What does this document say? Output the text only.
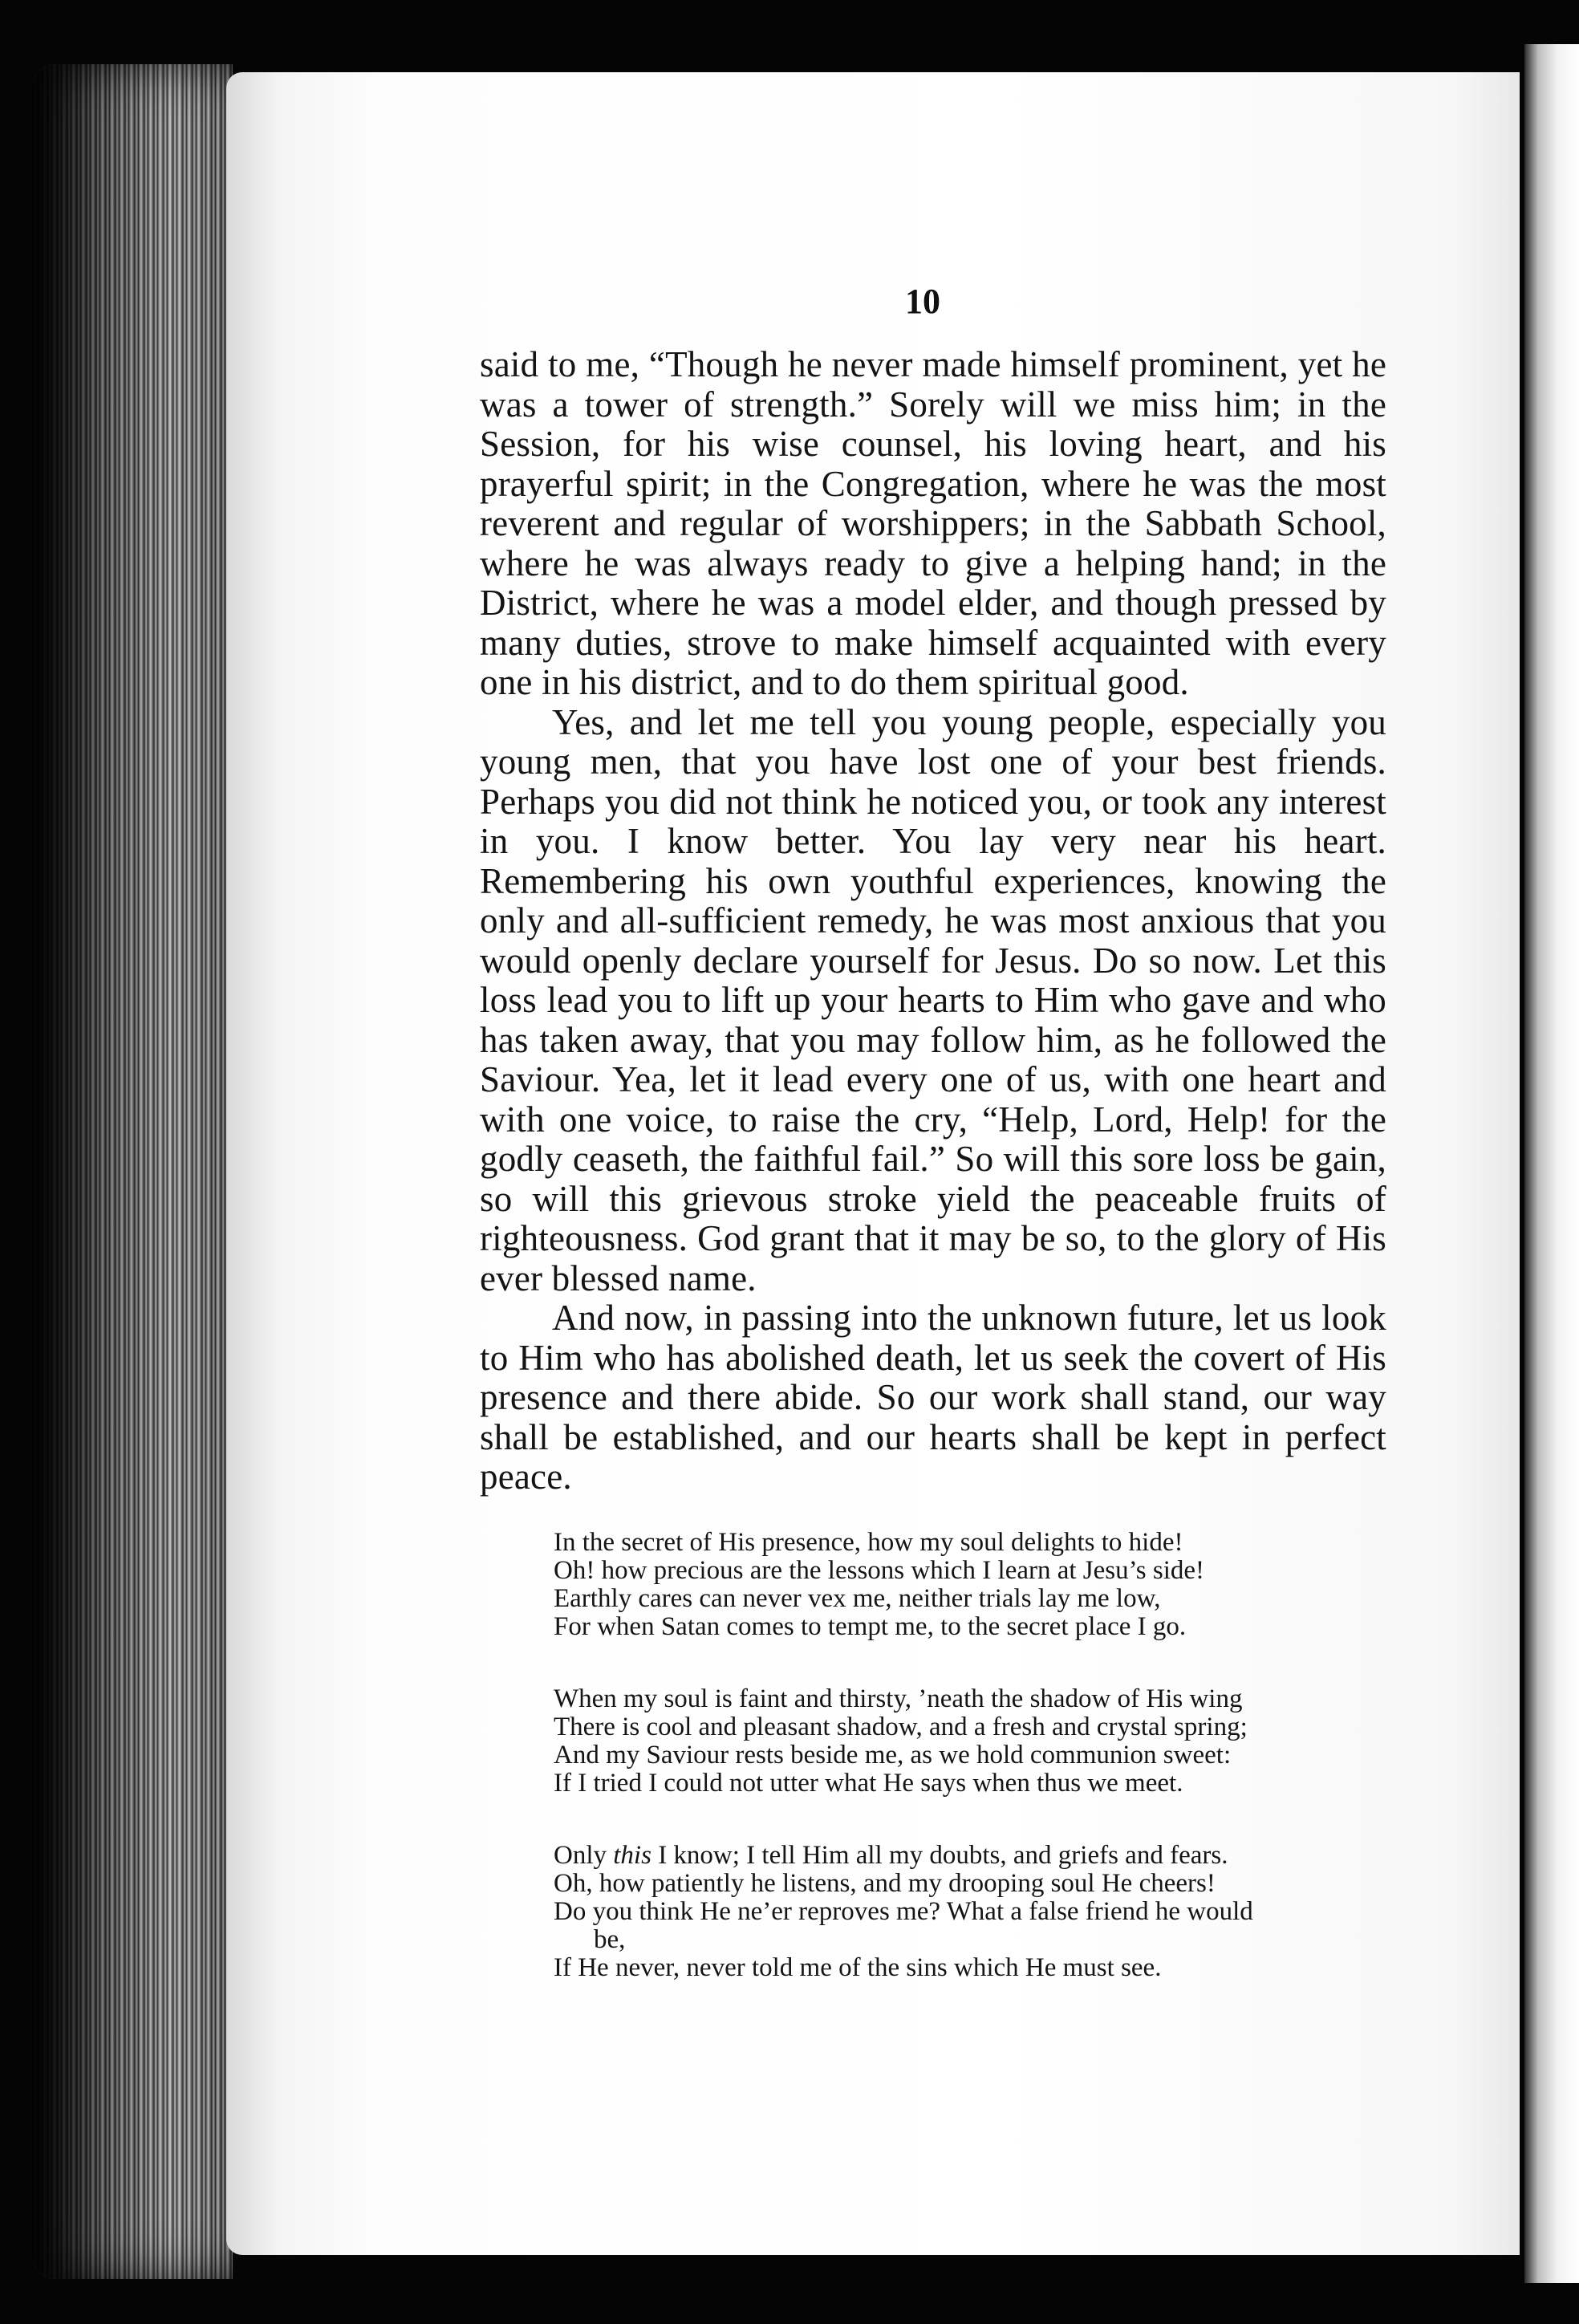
10

said to me, “Though he never made himself prominent, yet he was a tower of strength.” Sorely will we miss him; in the Session, for his wise counsel, his loving heart, and his prayerful spirit; in the Congregation, where he was the most reverent and regular of worshippers; in the Sabbath School, where he was always ready to give a helping hand; in the District, where he was a model elder, and though pressed by many duties, strove to make himself acquainted with every one in his district, and to do them spiritual good.

Yes, and let me tell you young people, especially you young men, that you have lost one of your best friends. Perhaps you did not think he noticed you, or took any interest in you. I know better. You lay very near his heart. Remembering his own youthful experiences, knowing the only and all-sufficient remedy, he was most anxious that you would openly declare yourself for Jesus. Do so now. Let this loss lead you to lift up your hearts to Him who gave and who has taken away, that you may follow him, as he followed the Saviour. Yea, let it lead every one of us, with one heart and with one voice, to raise the cry, “Help, Lord, Help! for the godly ceaseth, the faithful fail.” So will this sore loss be gain, so will this grievous stroke yield the peaceable fruits of righteousness. God grant that it may be so, to the glory of His ever blessed name.

And now, in passing into the unknown future, let us look to Him who has abolished death, let us seek the covert of His presence and there abide. So our work shall stand, our way shall be established, and our hearts shall be kept in perfect peace.

In the secret of His presence, how my soul delights to hide!
Oh! how precious are the lessons which I learn at Jesu’s side!
Earthly cares can never vex me, neither trials lay me low,
For when Satan comes to tempt me, to the secret place I go.
When my soul is faint and thirsty, ’neath the shadow of His wing
There is cool and pleasant shadow, and a fresh and crystal spring;
And my Saviour rests beside me, as we hold communion sweet:
If I tried I could not utter what He says when thus we meet.
Only this I know; I tell Him all my doubts, and griefs and fears.
Oh, how patiently he listens, and my drooping soul He cheers!
Do you think He ne’er reproves me? What a false friend he would
be,
If He never, never told me of the sins which He must see.
